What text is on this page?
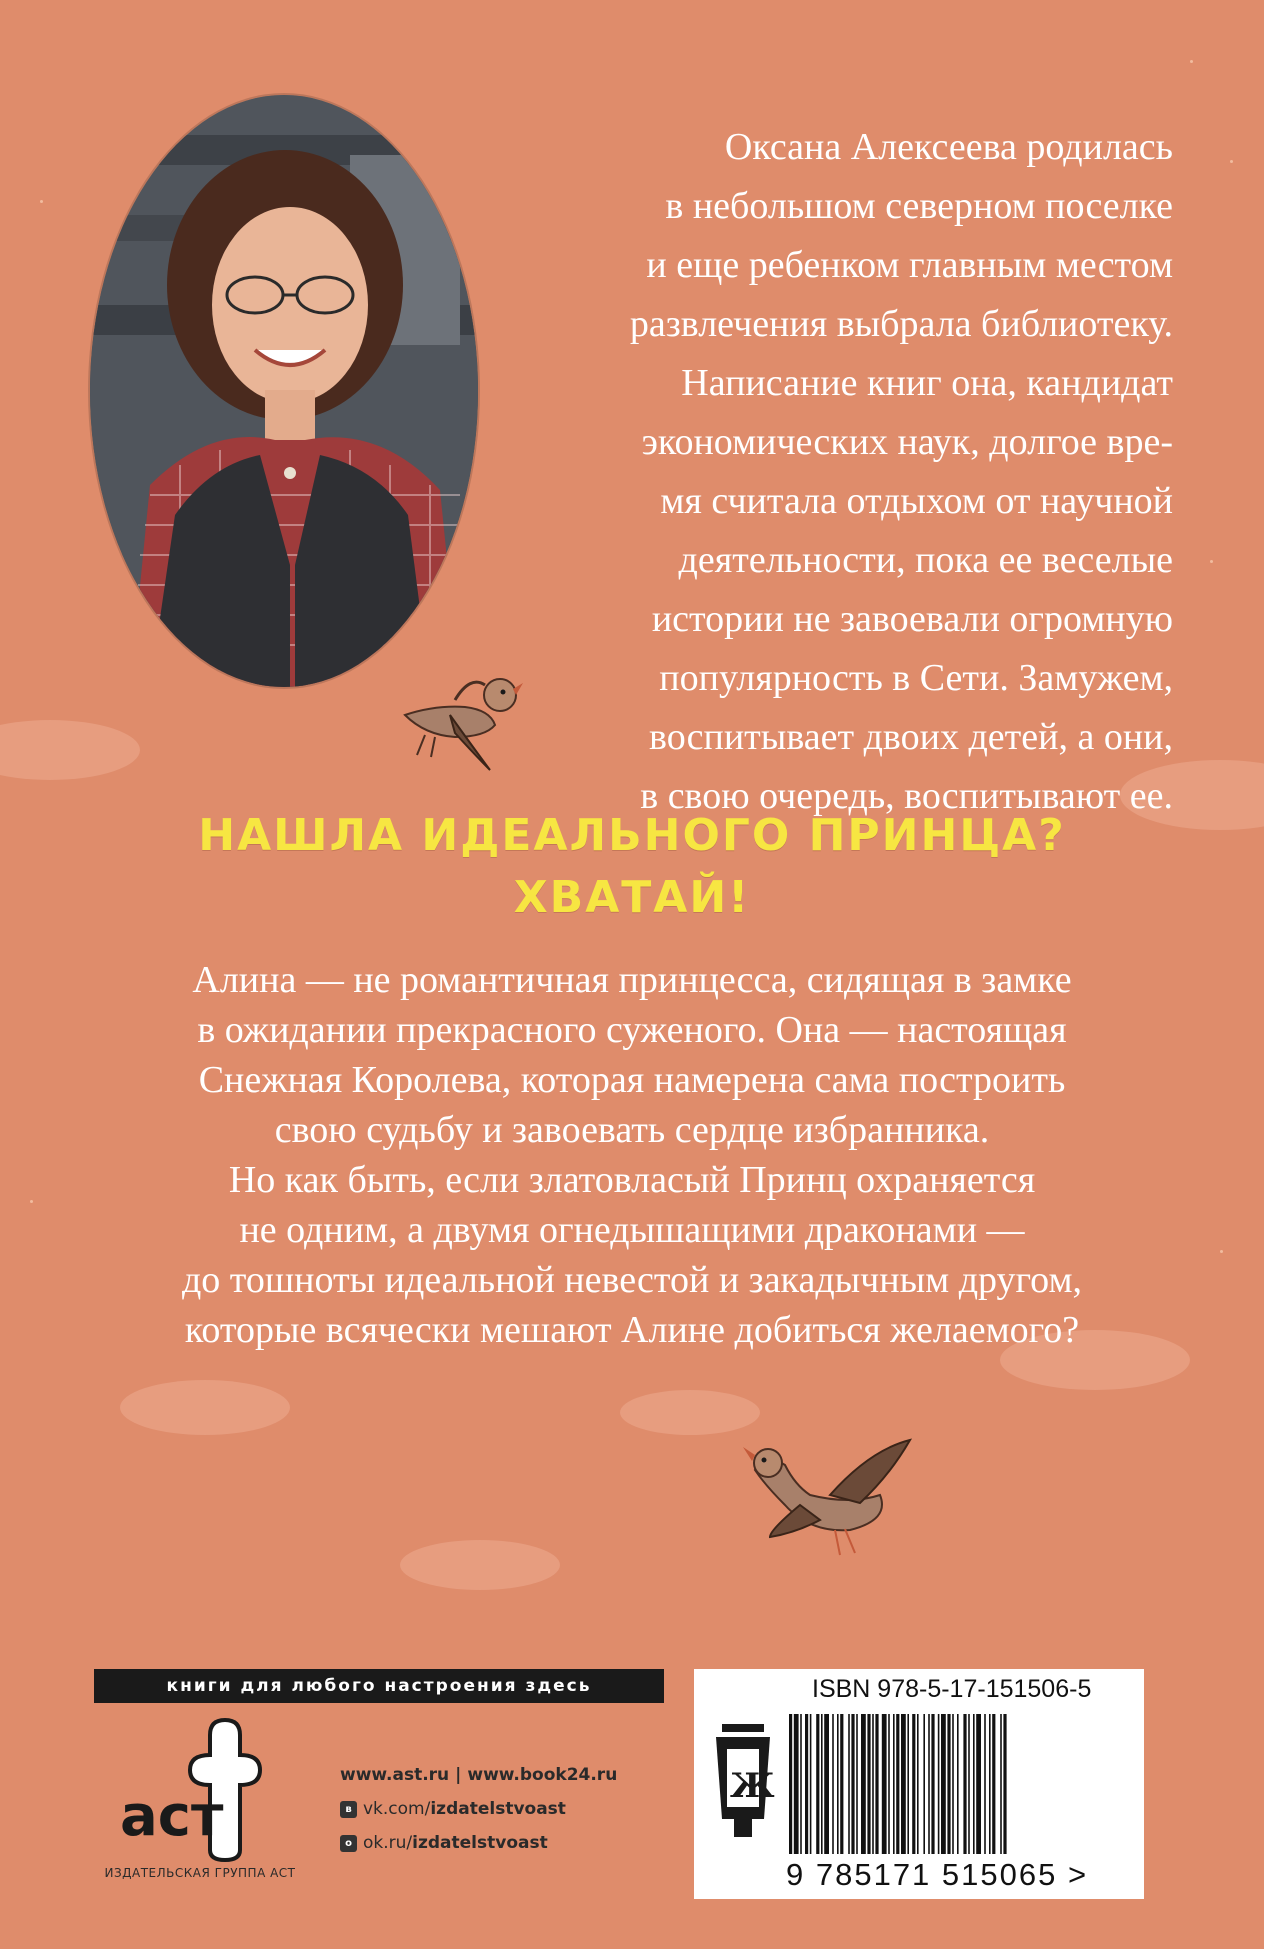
Оксана Алексеева родилась
в небольшом северном поселке
и еще ребенком главным местом
развлечения выбрала библиотеку.
Написание книг она, кандидат
экономических наук, долгое вре-
мя считала отдыхом от научной
деятельности, пока ее веселые
истории не завоевали огромную
популярность в Сети. Замужем,
воспитывает двоих детей, а они,
в свою очередь, воспитывают ее.
НАШЛА ИДЕАЛЬНОГО ПРИНЦА?
ХВАТАЙ!
Алина — не романтичная принцесса, сидящая в замке
в ожидании прекрасного суженого. Она — настоящая
Снежная Королева, которая намерена сама построить
свою судьбу и завоевать сердце избранника.
Но как быть, если златовласый Принц охраняется
не одним, а двумя огнедышащими драконами —
до тошноты идеальной невестой и закадычным другом,
которые всячески мешают Алине добиться желаемого?
книги для любого настроения здесь
аст
ИЗДАТЕЛЬСКАЯ ГРУППА АСТ
www.ast.ru | www.book24.ru
в vk.com/ izdatelstvoast
о ok.ru/ izdatelstvoast
Ж
ISBN 978-5-17-151506-5
9 785171 515065 >
